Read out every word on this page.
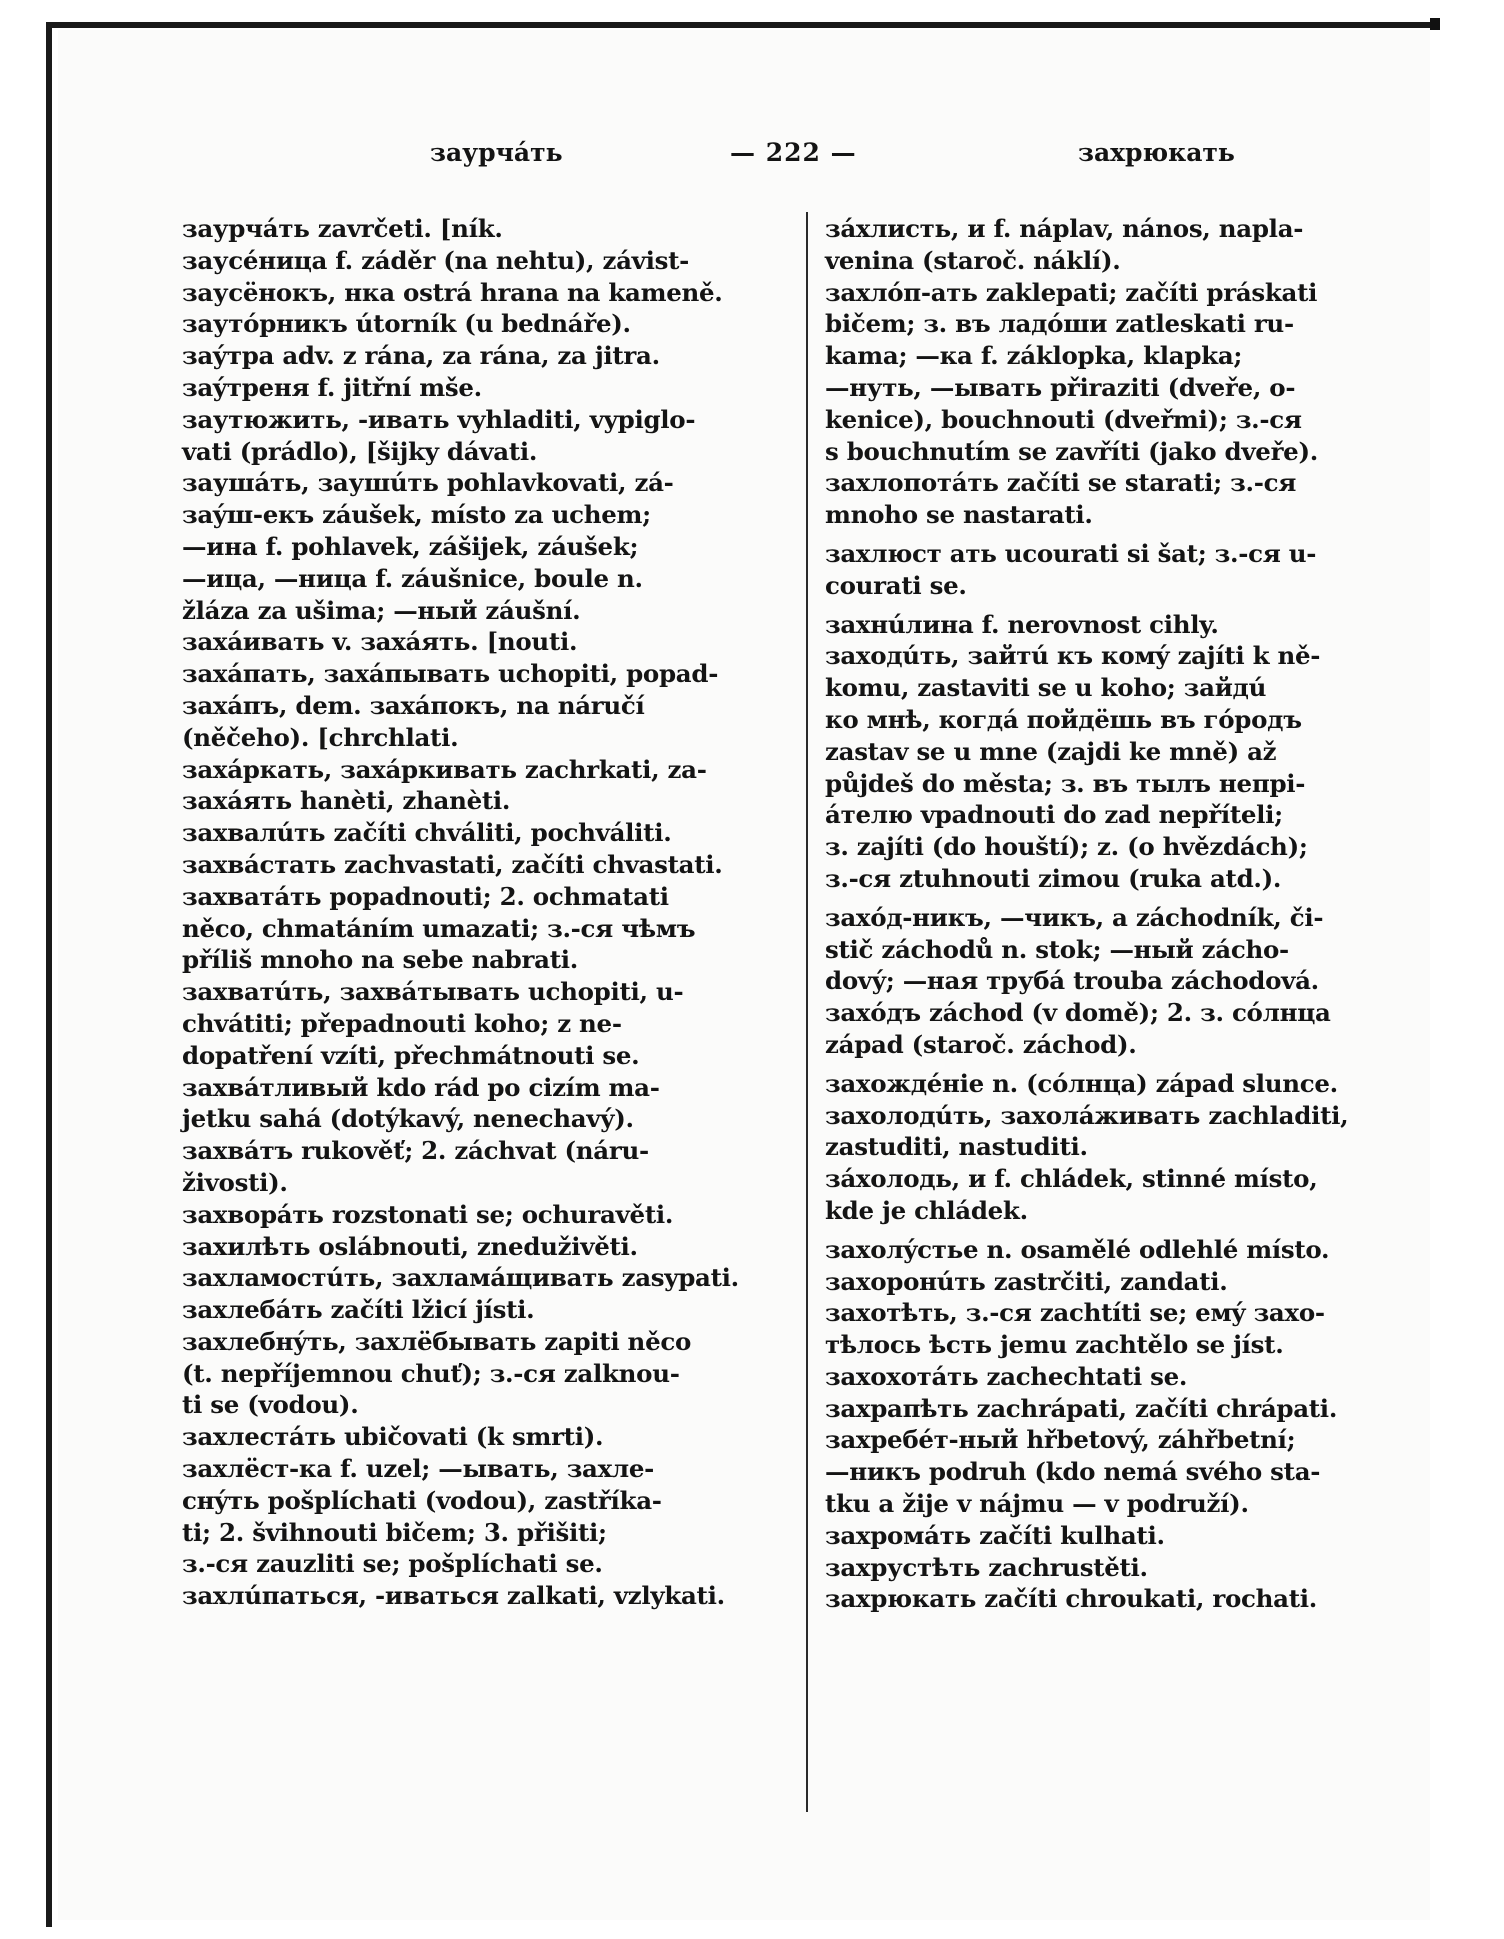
заурчáть	— 222 —	захрюкать
заурчáть zavrčeti. [ník.
заусéница f. záděr (na nehtu), závist-
заусёнокъ, нка ostrá hrana na kameně.
заутóрникъ útorník (u bednáře).
заýтра adv. z rána, za rána, za jitra.
заýтреня f. jitřní mše.
заутюжить, -ивать vyhladiti, vypiglo-
vati (prádlo), [šijky dávati.
заушáть, заушúть pohlavkovati, zá-
заýш-екъ záušek, místo za uchem;
—ина f. pohlavek, zášijek, záušek;
—ица, —ница f. záušnice, boule n.
žláza za ušima; —ный záušní.
захáивать v. захáять. [nouti.
захáпать, захáпывать uchopiti, popad-
захáпъ, dem. захáпокъ, na náručí
(něčeho). [chrchlati.
захáркать, захáркивать zachrkati, za-
захáять hanèti, zhanèti.
захвалúть začíti chváliti, pochváliti.
захвáстать zachvastati, začíti chvastati.
захватáть popadnouti; 2. ochmatati
něco, chmatáním umazati; з.-ся чѣмъ
příliš mnoho na sebe nabrati.
захватúть, захвáтывать uchopiti, u-
chvátiti; přepadnouti koho; z ne-
dopatření vzíti, přechmátnouti se.
захвáтливый kdo rád po cizím ma-
jetku sahá (dotýkavý, nenechavý).
захвáтъ rukověť; 2. záchvat (náru-
živosti).
захворáть rozstonati se; ochuravěti.
захилѣть oslábnouti, zneduživěti.
захламостúть, захламáщивать zasypati.
захлебáть začíti lžicí jísti.
захлебнýть, захлёбывать zapiti něco
(t. nepříjemnou chuť); з.-ся zalknou-
ti se (vodou).
захлестáть ubičovati (k smrti).
захлёст-ка f. uzel; —ывать, захле-
снýть pošplíchati (vodou), zastříka-
ti; 2. švihnouti bičem; 3. přišiti;
з.-ся zauzliti se; pošplíchati se.
захлúпаться, -иваться zalkati, vzlykati.
зáхлисть, и f. náplav, nános, napla-
venina (staroč. náklí).
захлóп-ать zaklepati; začíti práskati
bičem; з. въ ладóши zatleskati ru-
kama; —ка f. záklopka, klapka;
—нуть, —ывать přiraziti (dveře, o-
kenice), bouchnouti (dveřmi); з.-ся
s bouchnutím se zavříti (jako dveře).
захлопотáть začíti se starati; з.-ся
mnoho se nastarati.
захлюст ать ucourati si šat; з.-ся u-
courati se.
захнúлина f. nerovnost cihly.
заходúть, зайтú къ комý zajíti k ně-
komu, zastaviti se u koho; зайдú
ко мнѣ, когдá пойдёшь въ гóродъ
zastav se u mne (zajdi ke mně) až
půjdeš do města; з. въ тылъ непрі-
áтелю vpadnouti do zad nepříteli;
з. zajíti (do houští); z. (o hvězdách);
з.-ся ztuhnouti zimou (ruka atd.).
захóд-никъ, —чикъ, a záchodník, či-
stič záchodů n. stok; —ный zácho-
dový; —ная трубá trouba záchodová.
захóдъ záchod (v domě); 2. з. сóлнца
západ (staroč. záchod).
захождéніе n. (сóлнца) západ slunce.
захолодúть, захолáживать zachladiti,
zastuditi, nastuditi.
зáхолодь, и f. chládek, stinné místo,
kde je chládek.
захолýстье n. osamělé odlehlé místo.
захоронúть zastrčiti, zandati.
захотѣть, з.-ся zachtíti se; емý захо-
тѣлось ѣсть jemu zachtělo se jíst.
захохотáть zachechtati se.
захрапѣть zachrápati, začíti chrápati.
захребéт-ный hřbetový, záhřbetní;
—никъ podruh (kdo nemá svého sta-
tku a žije v nájmu — v podruží).
захромáть začíti kulhati.
захрустѣть zachrustěti.
захрюкать začíti chroukati, rochati.
